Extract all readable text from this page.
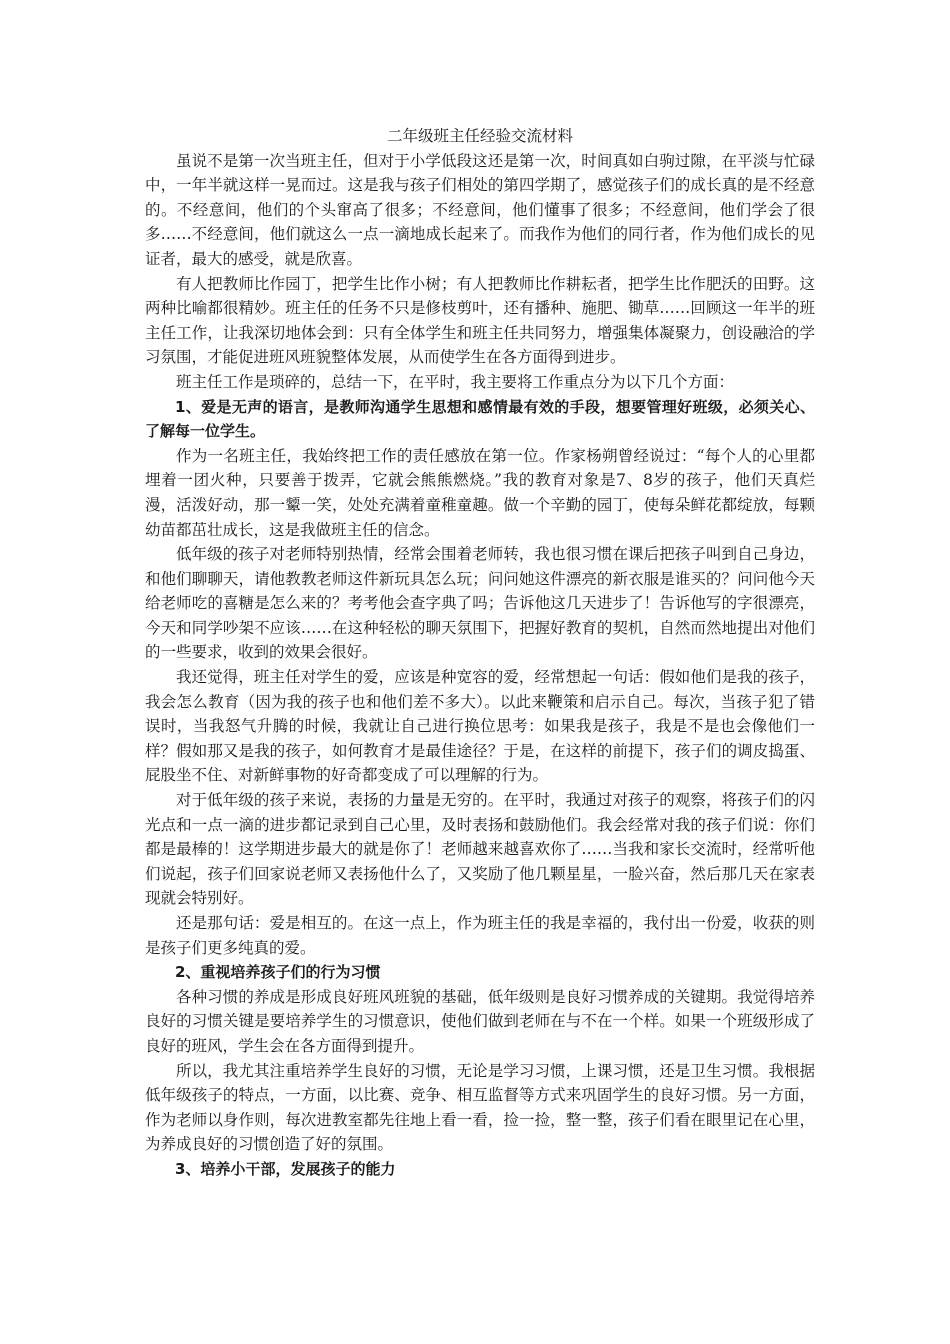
二年级班主任经验交流材料

虽说不是第一次当班主任，但对于小学低段这还是第一次，时间真如白驹过隙，在平淡与忙碌中，一年半就这样一晃而过。这是我与孩子们相处的第四学期了，感觉孩子们的成长真的是不经意的。不经意间，他们的个头窜高了很多；不经意间，他们懂事了很多；不经意间，他们学会了很多……不经意间，他们就这么一点一滴地成长起来了。而我作为他们的同行者，作为他们成长的见证者，最大的感受，就是欣喜。

有人把教师比作园丁，把学生比作小树；有人把教师比作耕耘者，把学生比作肥沃的田野。这两种比喻都很精妙。班主任的任务不只是修枝剪叶，还有播种、施肥、锄草……回顾这一年半的班主任工作，让我深切地体会到：只有全体学生和班主任共同努力，增强集体凝聚力，创设融洽的学习氛围，才能促进班风班貌整体发展，从而使学生在各方面得到进步。

班主任工作是琐碎的，总结一下，在平时，我主要将工作重点分为以下几个方面：

1、爱是无声的语言，是教师沟通学生思想和感情最有效的手段，想要管理好班级，必须关心、了解每一位学生。

作为一名班主任，我始终把工作的责任感放在第一位。作家杨朔曾经说过：“每个人的心里都埋着一团火种，只要善于拨弄，它就会熊熊燃烧。”我的教育对象是7、8岁的孩子，他们天真烂漫，活泼好动，那一颦一笑，处处充满着童稚童趣。做一个辛勤的园丁，使每朵鲜花都绽放，每颗幼苗都茁壮成长，这是我做班主任的信念。

低年级的孩子对老师特别热情，经常会围着老师转，我也很习惯在课后把孩子叫到自己身边，和他们聊聊天，请他教教老师这件新玩具怎么玩；问问她这件漂亮的新衣服是谁买的？问问他今天给老师吃的喜糖是怎么来的？考考他会查字典了吗；告诉他这几天进步了！告诉他写的字很漂亮，今天和同学吵架不应该……在这种轻松的聊天氛围下，把握好教育的契机，自然而然地提出对他们的一些要求，收到的效果会很好。

我还觉得，班主任对学生的爱，应该是种宽容的爱，经常想起一句话：假如他们是我的孩子，我会怎么教育（因为我的孩子也和他们差不多大）。以此来鞭策和启示自己。每次，当孩子犯了错误时，当我怒气升腾的时候，我就让自己进行换位思考：如果我是孩子，我是不是也会像他们一样？假如那又是我的孩子，如何教育才是最佳途径？于是，在这样的前提下，孩子们的调皮捣蛋、屁股坐不住、对新鲜事物的好奇都变成了可以理解的行为。

对于低年级的孩子来说，表扬的力量是无穷的。在平时，我通过对孩子的观察，将孩子们的闪光点和一点一滴的进步都记录到自己心里，及时表扬和鼓励他们。我会经常对我的孩子们说：你们都是最棒的！这学期进步最大的就是你了！老师越来越喜欢你了……当我和家长交流时，经常听他们说起，孩子们回家说老师又表扬他什么了，又奖励了他几颗星星，一脸兴奋，然后那几天在家表现就会特别好。

还是那句话：爱是相互的。在这一点上，作为班主任的我是幸福的，我付出一份爱，收获的则是孩子们更多纯真的爱。

2、重视培养孩子们的行为习惯

各种习惯的养成是形成良好班风班貌的基础，低年级则是良好习惯养成的关键期。我觉得培养良好的习惯关键是要培养学生的习惯意识，使他们做到老师在与不在一个样。如果一个班级形成了良好的班风，学生会在各方面得到提升。

所以，我尤其注重培养学生良好的习惯，无论是学习习惯，上课习惯，还是卫生习惯。我根据低年级孩子的特点，一方面，以比赛、竞争、相互监督等方式来巩固学生的良好习惯。另一方面，作为老师以身作则，每次进教室都先往地上看一看，捡一捡，整一整，孩子们看在眼里记在心里，为养成良好的习惯创造了好的氛围。

3、培养小干部，发展孩子的能力
